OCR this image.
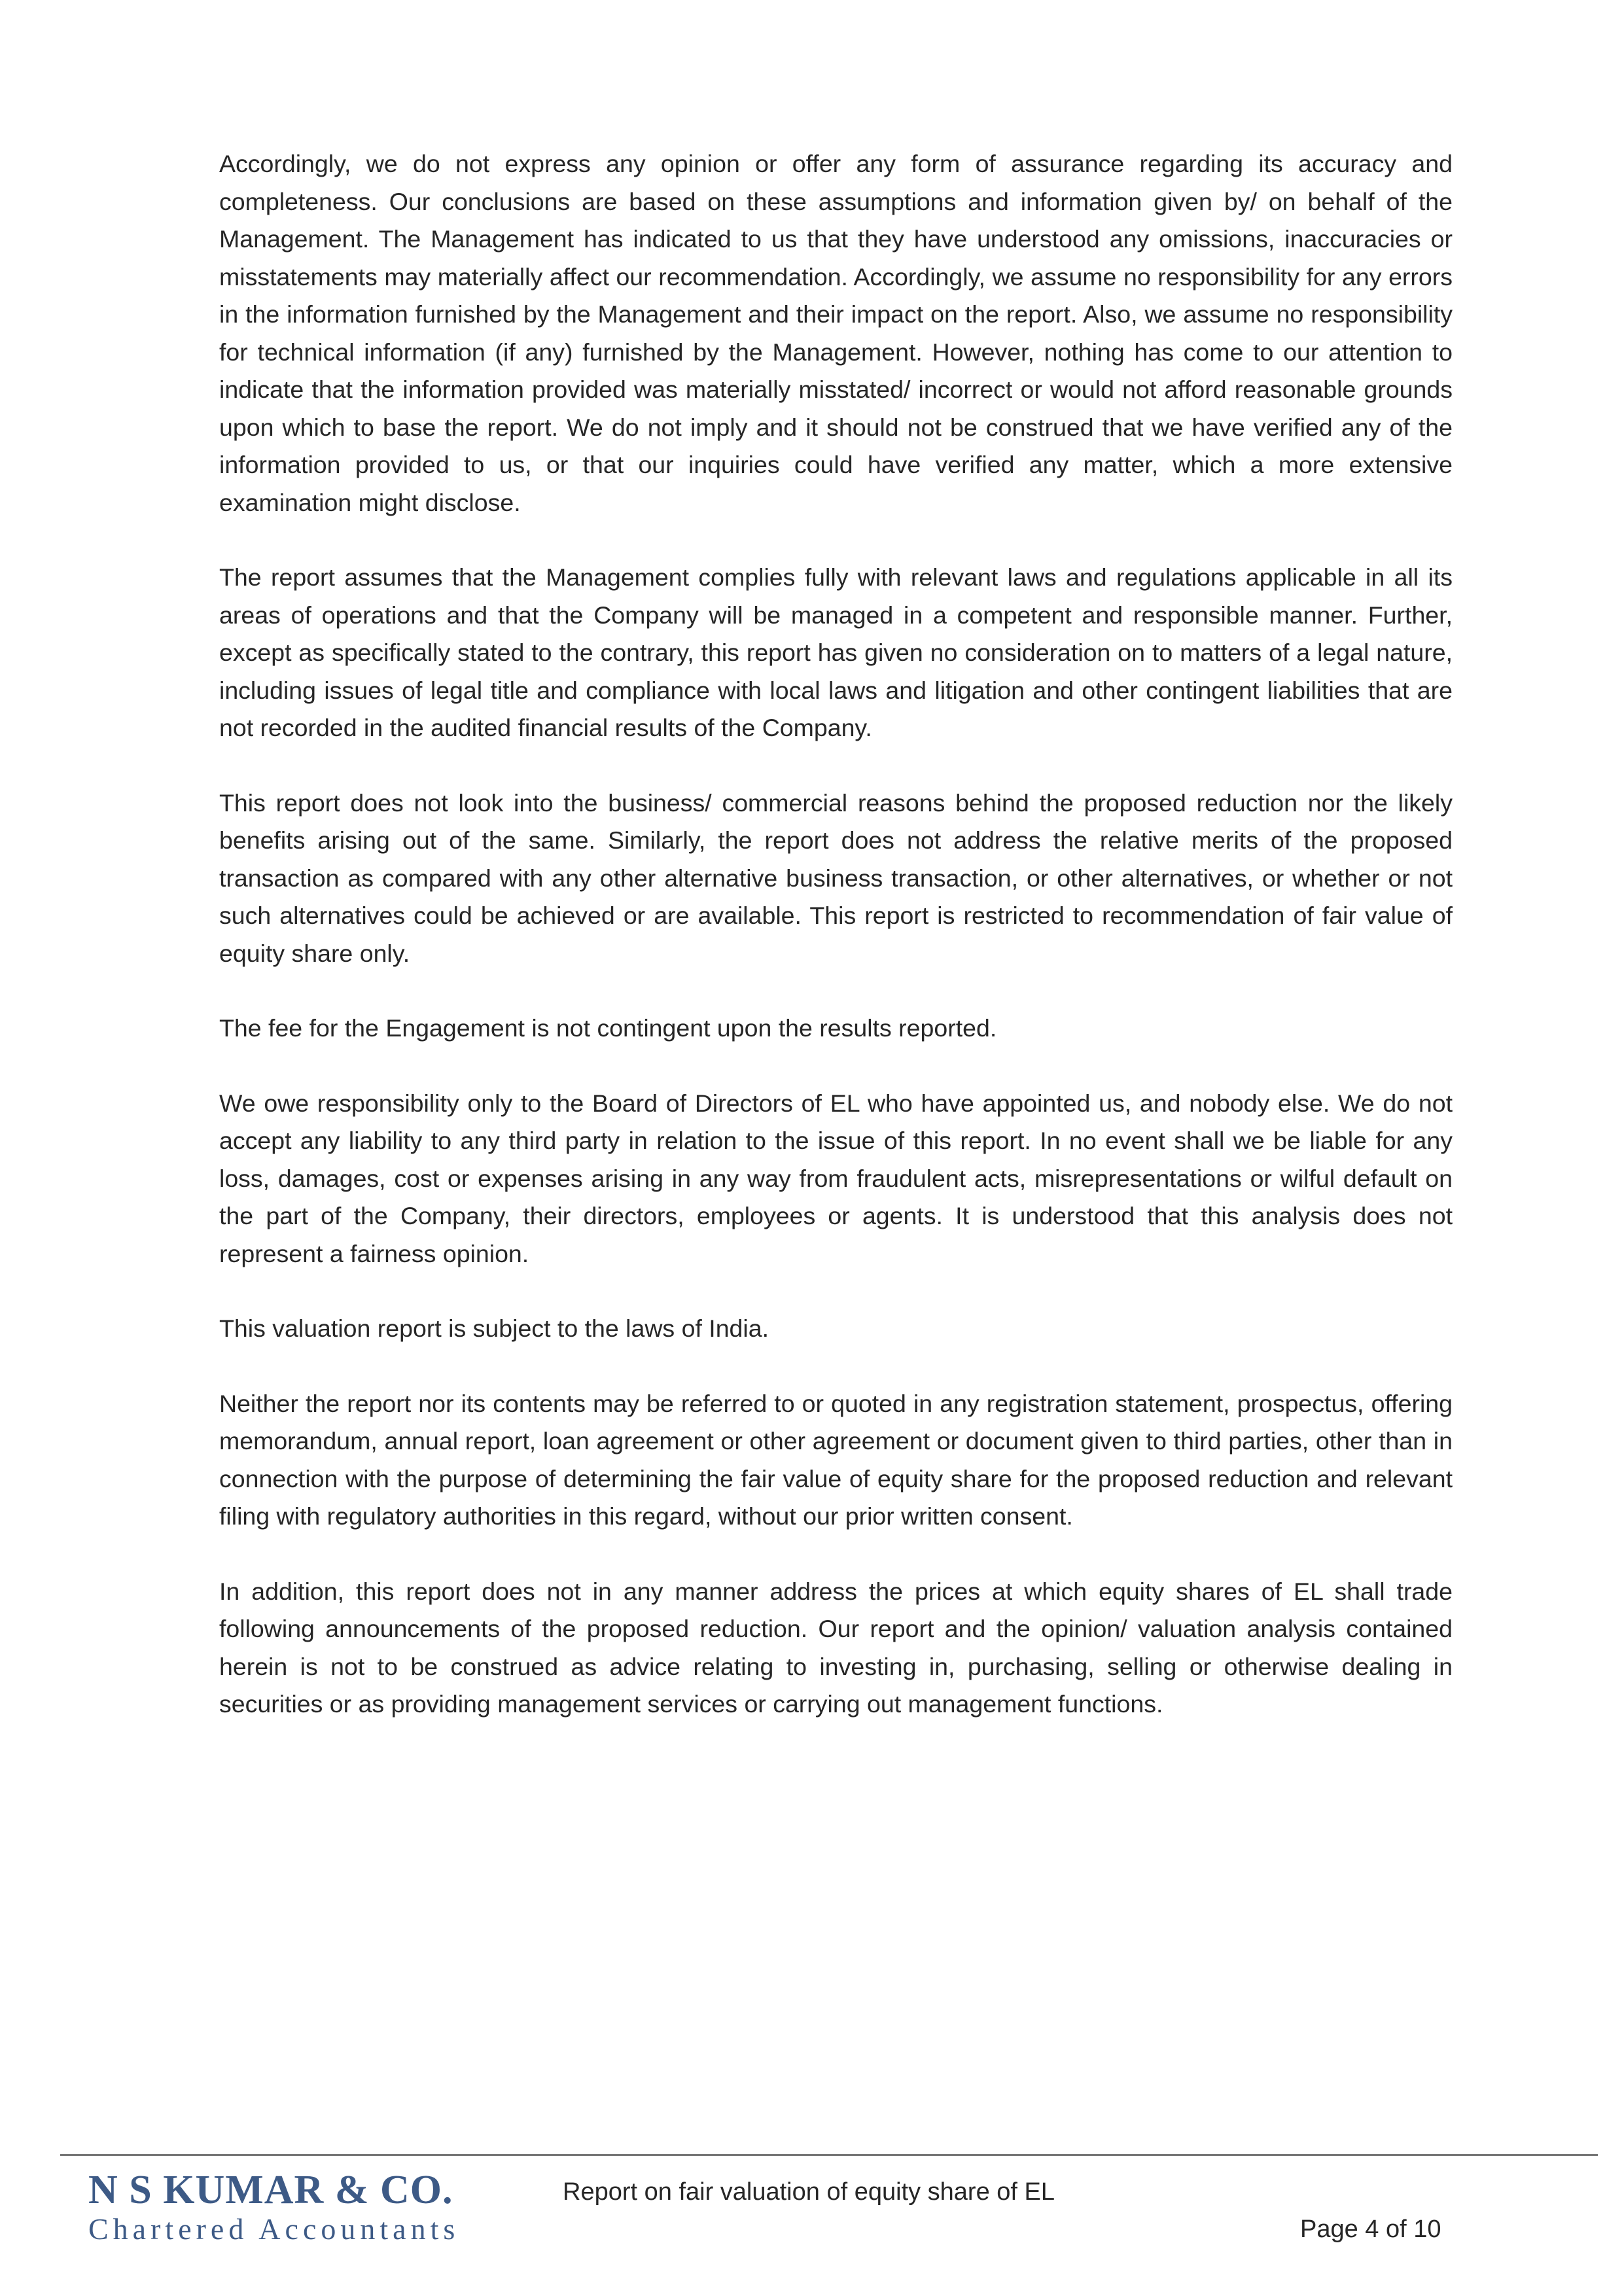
Accordingly, we do not express any opinion or offer any form of assurance regarding its accuracy and completeness. Our conclusions are based on these assumptions and information given by/ on behalf of the Management. The Management has indicated to us that they have understood any omissions, inaccuracies or misstatements may materially affect our recommendation. Accordingly, we assume no responsibility for any errors in the information furnished by the Management and their impact on the report. Also, we assume no responsibility for technical information (if any) furnished by the Management. However, nothing has come to our attention to indicate that the information provided was materially misstated/ incorrect or would not afford reasonable grounds upon which to base the report. We do not imply and it should not be construed that we have verified any of the information provided to us, or that our inquiries could have verified any matter, which a more extensive examination might disclose.

The report assumes that the Management complies fully with relevant laws and regulations applicable in all its areas of operations and that the Company will be managed in a competent and responsible manner. Further, except as specifically stated to the contrary, this report has given no consideration on to matters of a legal nature, including issues of legal title and compliance with local laws and litigation and other contingent liabilities that are not recorded in the audited financial results of the Company.

This report does not look into the business/ commercial reasons behind the proposed reduction nor the likely benefits arising out of the same. Similarly, the report does not address the relative merits of the proposed transaction as compared with any other alternative business transaction, or other alternatives, or whether or not such alternatives could be achieved or are available. This report is restricted to recommendation of fair value of equity share only.

The fee for the Engagement is not contingent upon the results reported.

We owe responsibility only to the Board of Directors of EL who have appointed us, and nobody else. We do not accept any liability to any third party in relation to the issue of this report. In no event shall we be liable for any loss, damages, cost or expenses arising in any way from fraudulent acts, misrepresentations or wilful default on the part of the Company, their directors, employees or agents. It is understood that this analysis does not represent a fairness opinion.

This valuation report is subject to the laws of India.

Neither the report nor its contents may be referred to or quoted in any registration statement, prospectus, offering memorandum, annual report, loan agreement or other agreement or document given to third parties, other than in connection with the purpose of determining the fair value of equity share for the proposed reduction and relevant filing with regulatory authorities in this regard, without our prior written consent.

In addition, this report does not in any manner address the prices at which equity shares of EL shall trade following announcements of the proposed reduction. Our report and the opinion/ valuation analysis contained herein is not to be construed as advice relating to investing in, purchasing, selling or otherwise dealing in securities or as providing management services or carrying out management functions.

N S KUMAR & CO.
Chartered Accountants
Report on fair valuation of equity share of EL
Page 4 of 10
